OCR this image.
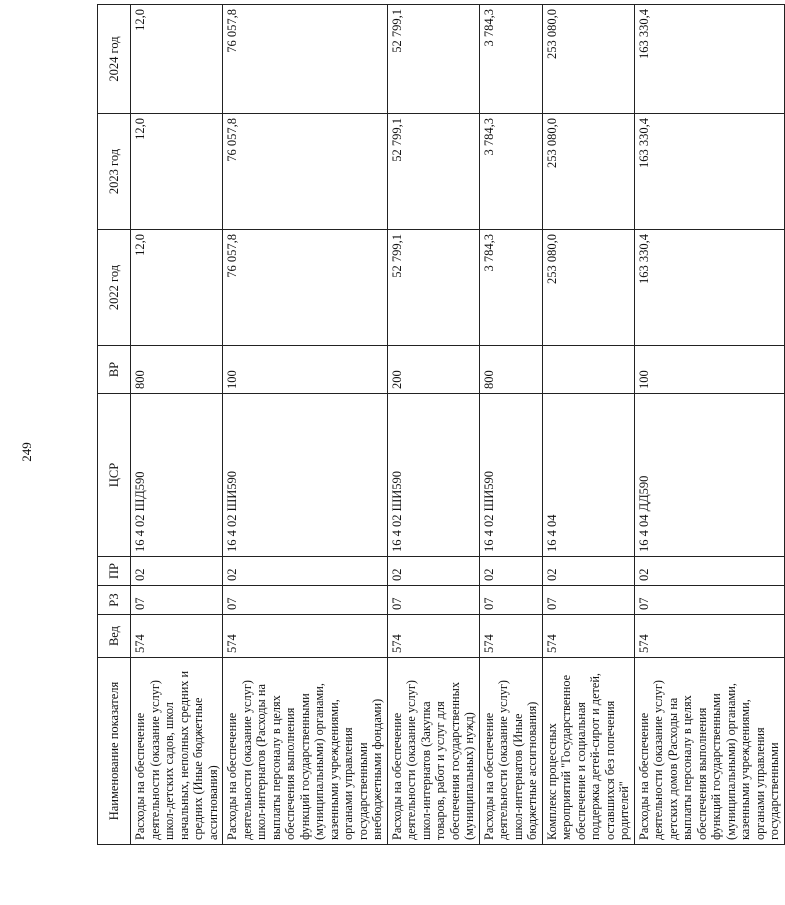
249
Наименование показателя	Вед	РЗ	ПР	ЦСР	ВР	2022 год	2023 год	2024 год
Расходы на обеспечение деятельности (оказание услуг) школ-детских садов, школ начальных, неполных средних и средних (Иные бюджетные ассигнования)	574	07	02	16 4 02 ШД590	800	12,0	12,0	12,0
Расходы на обеспечение деятельности (оказание услуг) школ-интернатов (Расходы на выплаты персоналу в целях обеспечения выполнения функций государственными (муниципальными) органами, казенными учреждениями, органами управления государственными внебюджетными фондами)	574	07	02	16 4 02 ШИ590	100	76 057,8	76 057,8	76 057,8
Расходы на обеспечение деятельности (оказание услуг) школ-интернатов (Закупка товаров, работ и услуг для обеспечения государственных (муниципальных) нужд)	574	07	02	16 4 02 ШИ590	200	52 799,1	52 799,1	52 799,1
Расходы на обеспечение деятельности (оказание услуг) школ-интернатов (Иные бюджетные ассигнования)	574	07	02	16 4 02 ШИ590	800	3 784,3	3 784,3	3 784,3
Комплекс процессных мероприятий "Государственное обеспечение и социальная поддержка детей-сирот и детей, оставшихся без попечения родителей"	574	07	02	16 4 04		253 080,0	253 080,0	253 080,0
Расходы на обеспечение деятельности (оказание услуг) детских домов (Расходы на выплаты персоналу в целях обеспечения выполнения функций государственными (муниципальными) органами, казенными учреждениями, органами управления государственными	574	07	02	16 4 04 ДД590	100	163 330,4	163 330,4	163 330,4
